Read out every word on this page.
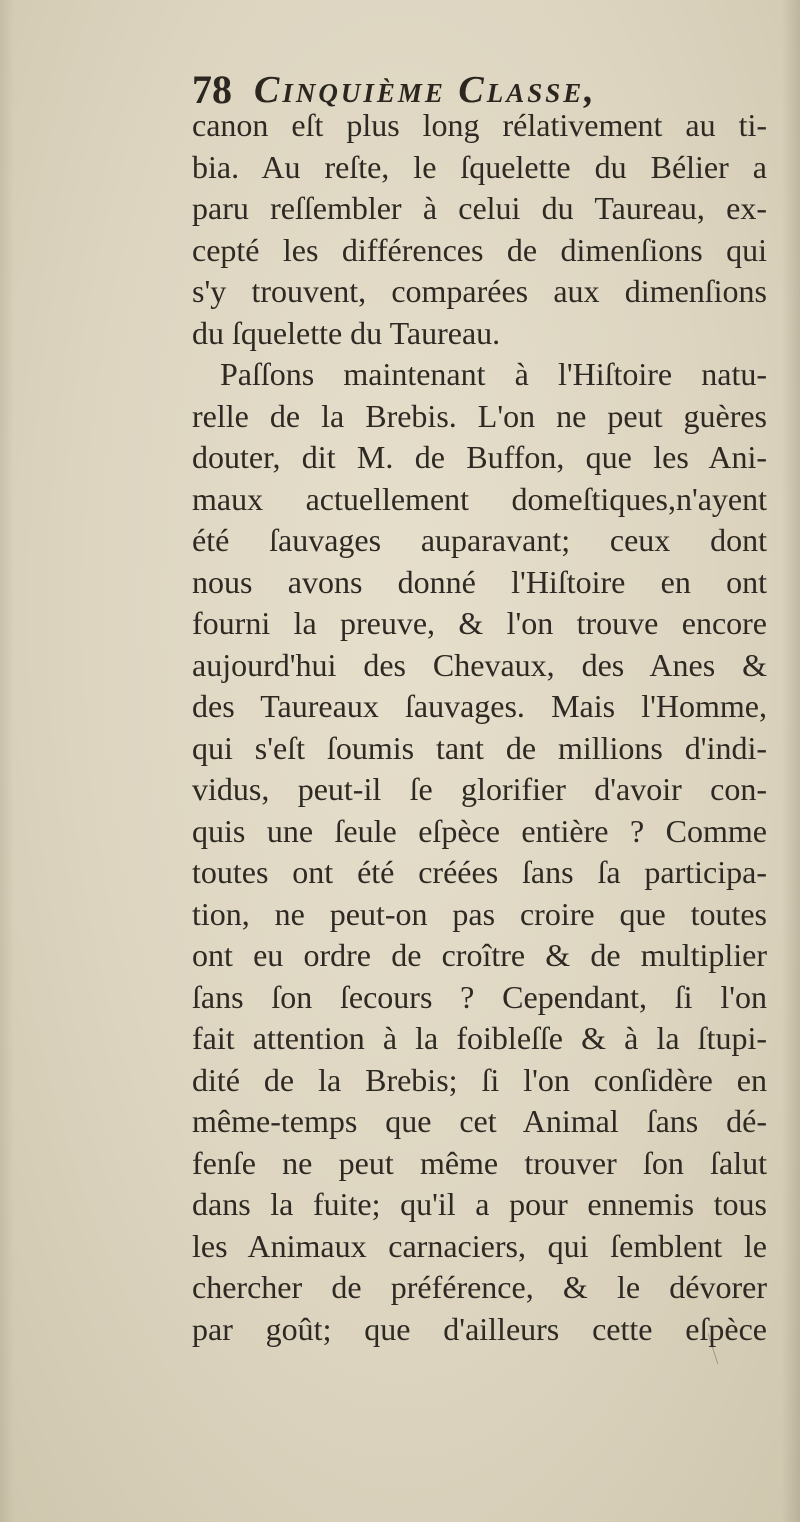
78 Cinquième Classe,
canon eſt plus long rélativement au ti-
bia. Au reſte, le ſquelette du Bélier a
paru reſſembler à celui du Taureau, ex-
cepté les différences de dimenſions qui
s'y trouvent, comparées aux dimenſions
du ſquelette du Taureau.
Paſſons maintenant à l'Hiſtoire natu-
relle de la Brebis. L'on ne peut guères
douter, dit M. de Buffon, que les Ani-
maux actuellement domeſtiques,n'ayent
été ſauvages auparavant; ceux dont
nous avons donné l'Hiſtoire en ont
fourni la preuve, & l'on trouve encore
aujourd'hui des Chevaux, des Anes &
des Taureaux ſauvages. Mais l'Homme,
qui s'eſt ſoumis tant de millions d'indi-
vidus, peut-il ſe glorifier d'avoir con-
quis une ſeule eſpèce entière ? Comme
toutes ont été créées ſans ſa participa-
tion, ne peut-on pas croire que toutes
ont eu ordre de croître & de multiplier
ſans ſon ſecours ? Cependant, ſi l'on
fait attention à la foibleſſe & à la ſtupi-
dité de la Brebis; ſi l'on conſidère en
même-temps que cet Animal ſans dé-
fenſe ne peut même trouver ſon ſalut
dans la fuite; qu'il a pour ennemis tous
les Animaux carnaciers, qui ſemblent le
chercher de préférence, & le dévorer
par goût; que d'ailleurs cette eſpèce
